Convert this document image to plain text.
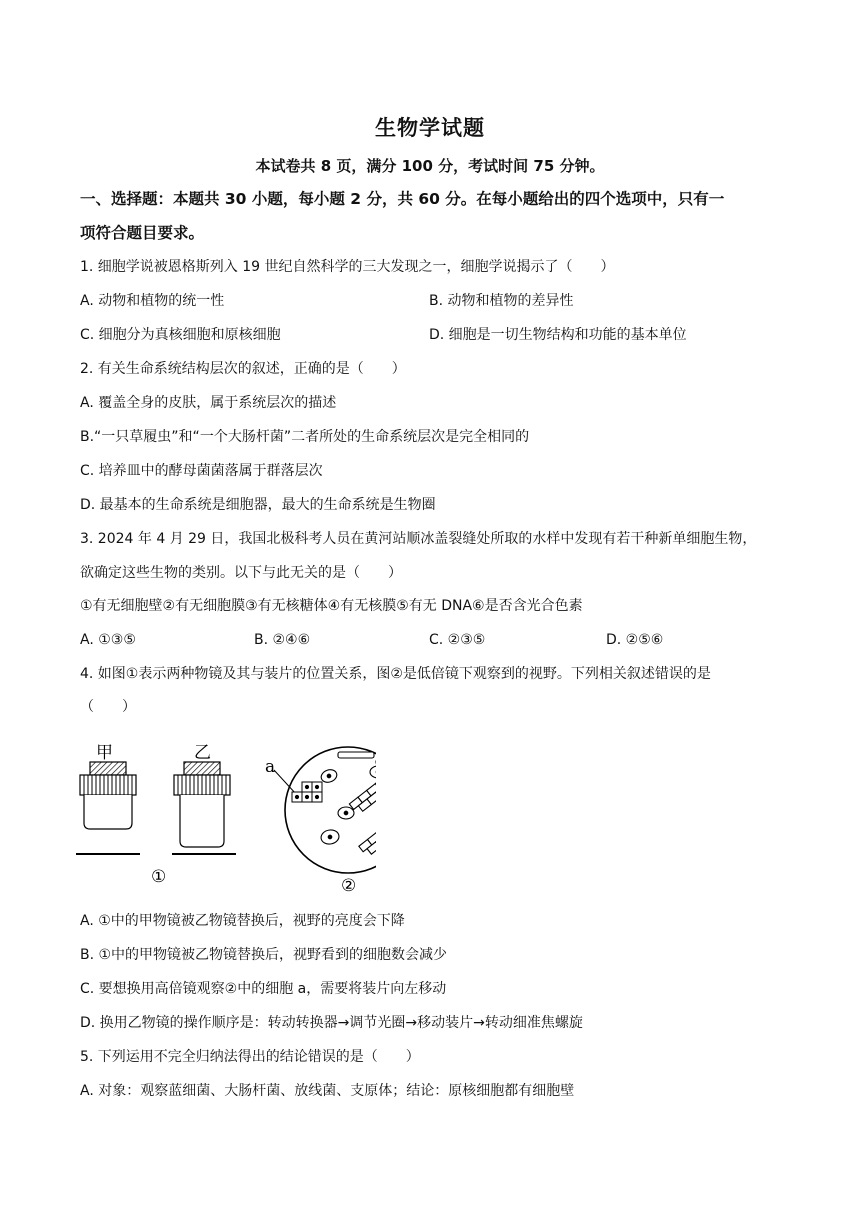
生物学试题
本试卷共 8 页，满分 100 分，考试时间 75 分钟。
一、选择题：本题共 30 小题，每小题 2 分，共 60 分。在每小题给出的四个选项中，只有一
项符合题目要求。
1. 细胞学说被恩格斯列入 19 世纪自然科学的三大发现之一，细胞学说揭示了（　　）
A. 动物和植物的统一性	B. 动物和植物的差异性
C. 细胞分为真核细胞和原核细胞	D. 细胞是一切生物结构和功能的基本单位
2. 有关生命系统结构层次的叙述，正确的是（　　）
A. 覆盖全身的皮肤，属于系统层次的描述
B.“一只草履虫”和“一个大肠杆菌”二者所处的生命系统层次是完全相同的
C. 培养皿中的酵母菌菌落属于群落层次
D. 最基本的生命系统是细胞器，最大的生命系统是生物圈
3. 2024 年 4 月 29 日，我国北极科考人员在黄河站顺冰盖裂缝处所取的水样中发现有若干种新单细胞生物，
欲确定这些生物的类别。以下与此无关的是（　　）
①有无细胞壁②有无细胞膜③有无核糖体④有无核膜⑤有无 DNA⑥是否含光合色素
A. ①③⑤	B. ②④⑥	C. ②③⑤	D. ②⑤⑥
4. 如图①表示两种物镜及其与装片的位置关系，图②是低倍镜下观察到的视野。下列相关叙述错误的是
（　　）
甲	乙
①
a
②
A. ①中的甲物镜被乙物镜替换后，视野的亮度会下降
B. ①中的甲物镜被乙物镜替换后，视野看到的细胞数会减少
C. 要想换用高倍镜观察②中的细胞 a，需要将装片向左移动
D. 换用乙物镜的操作顺序是：转动转换器→调节光圈→移动装片→转动细准焦螺旋
5. 下列运用不完全归纳法得出的结论错误的是（　　）
A. 对象：观察蓝细菌、大肠杆菌、放线菌、支原体；结论：原核细胞都有细胞壁
